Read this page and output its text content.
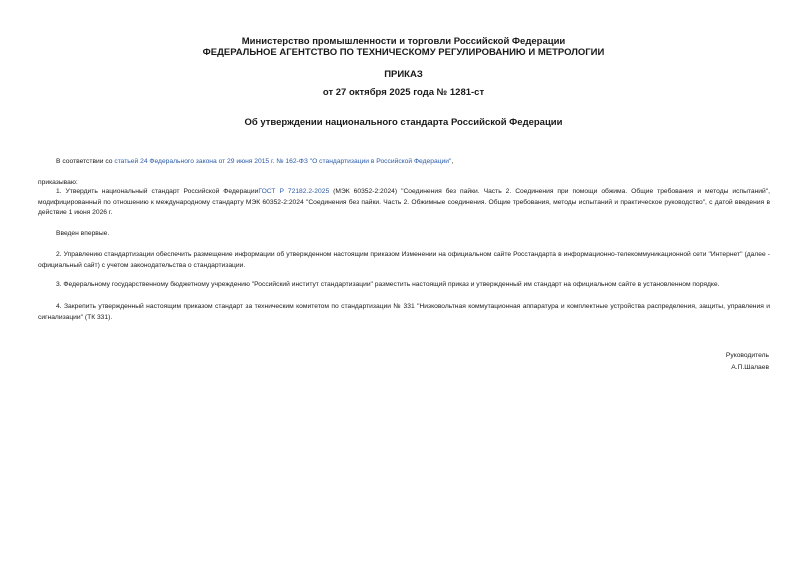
Министерство промышленности и торговли Российской Федерации
ФЕДЕРАЛЬНОЕ АГЕНТСТВО ПО ТЕХНИЧЕСКОМУ РЕГУЛИРОВАНИЮ И МЕТРОЛОГИИ
ПРИКАЗ
от 27 октября 2025 года № 1281-ст
Об утверждении национального стандарта Российской Федерации
В соответствии со статьей 24 Федерального закона от 29 июня 2015 г. № 162-ФЗ "О стандартизации в Российской Федерации",
приказываю:
1. Утвердить национальный стандарт Российской ФедерацииГОСТ Р 72182.2-2025 (МЭК 60352-2:2024) "Соединения без пайки. Часть 2. Соединения при помощи обжима. Общие требования и методы испытаний", модифицированный по отношению к международному стандарту МЭК 60352-2:2024 "Соединения без пайки. Часть 2. Обжимные соединения. Общие требования, методы испытаний и практическое руководство", с датой введения в действие 1 июня 2026 г.
Введен впервые.
2. Управлению стандартизации обеспечить размещение информации об утвержденном настоящим приказом Изменении на официальном сайте Росстандарта в информационно-телекоммуникационной сети "Интернет" (далее - официальный сайт) с учетом законодательства о стандартизации.
3. Федеральному государственному бюджетному учреждению "Российский институт стандартизации" разместить настоящий приказ и утвержденный им стандарт на официальном сайте в установленном порядке.
4. Закрепить утвержденный настоящим приказом стандарт за техническим комитетом по стандартизации № 331 "Низковольтная коммутационная аппаратура и комплектные устройства распределения, защиты, управления и сигнализации" (ТК 331).
Руководитель
А.П.Шалаев
